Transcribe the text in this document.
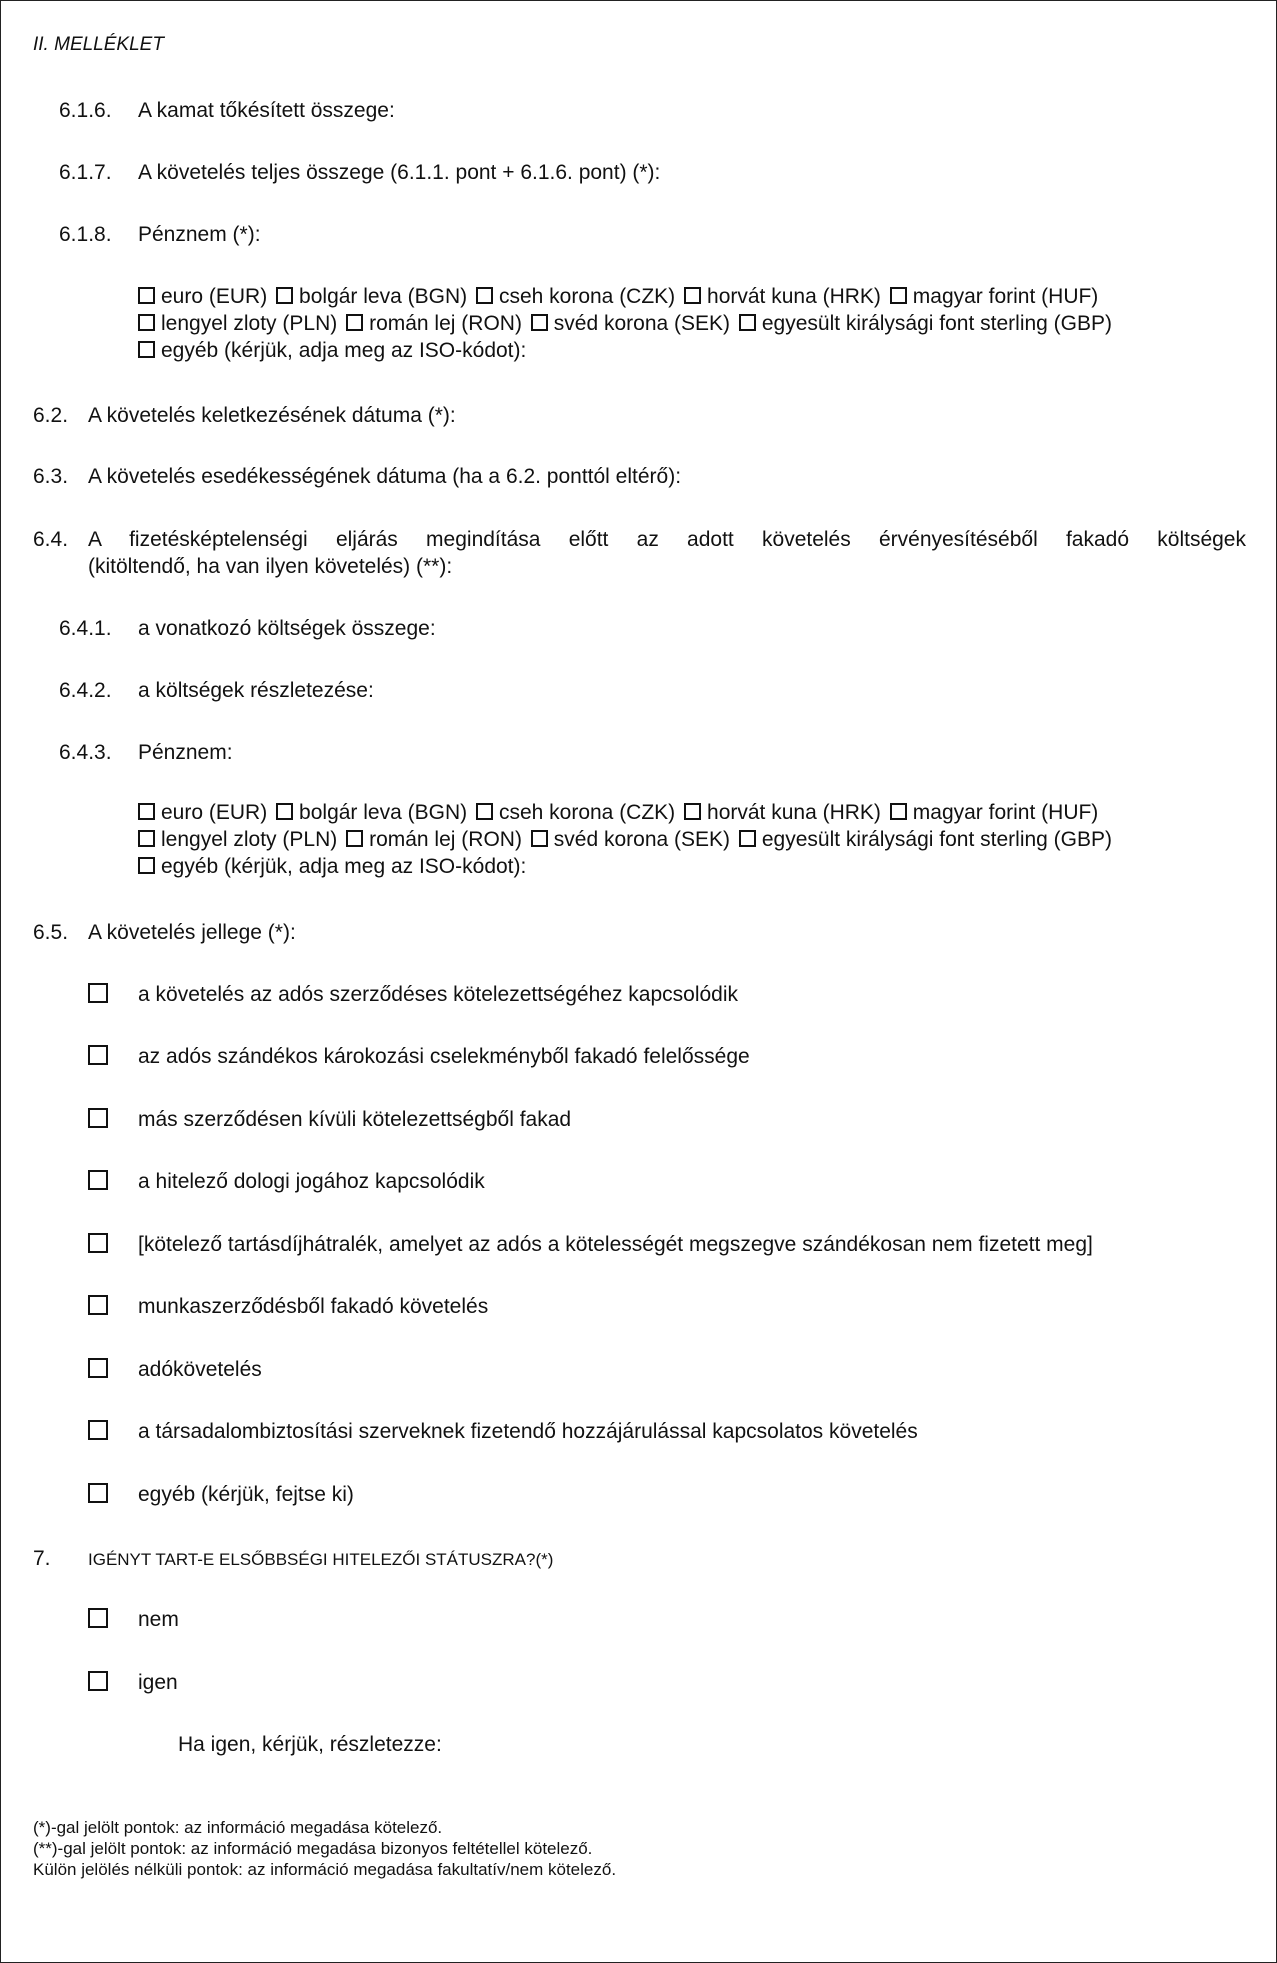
II. MELLÉKLET
6.1.6. A kamat tőkésített összege:
6.1.7. A követelés teljes összege (6.1.1. pont + 6.1.6. pont) (*):
6.1.8. Pénznem (*):
euro (EUR) bolgár leva (BGN) cseh korona (CZK) horvát kuna (HRK) magyar forint (HUF)
lengyel zloty (PLN) román lej (RON) svéd korona (SEK) egyesült királysági font sterling (GBP)
egyéb (kérjük, adja meg az ISO-kódot):
6.2. A követelés keletkezésének dátuma (*):
6.3. A követelés esedékességének dátuma (ha a 6.2. ponttól eltérő):
6.4. A fizetésképtelenségi eljárás megindítása előtt az adott követelés érvényesítéséből fakadó költségek
(kitöltendő, ha van ilyen követelés) (**):
6.4.1. a vonatkozó költségek összege:
6.4.2. a költségek részletezése:
6.4.3. Pénznem:
euro (EUR) bolgár leva (BGN) cseh korona (CZK) horvát kuna (HRK) magyar forint (HUF)
lengyel zloty (PLN) román lej (RON) svéd korona (SEK) egyesült királysági font sterling (GBP)
egyéb (kérjük, adja meg az ISO-kódot):
6.5. A követelés jellege (*):
a követelés az adós szerződéses kötelezettségéhez kapcsolódik
az adós szándékos károkozási cselekményből fakadó felelőssége
más szerződésen kívüli kötelezettségből fakad
a hitelező dologi jogához kapcsolódik
[kötelező tartásdíjhátralék, amelyet az adós a kötelességét megszegve szándékosan nem fizetett meg]
munkaszerződésből fakadó követelés
adókövetelés
a társadalombiztosítási szerveknek fizetendő hozzájárulással kapcsolatos követelés
egyéb (kérjük, fejtse ki)
7. IGÉNYT TART-E ELSŐBBSÉGI HITELEZŐI STÁTUSZRA?(*)
nem
igen
Ha igen, kérjük, részletezze:
(*)-gal jelölt pontok: az információ megadása kötelező.
(**)-gal jelölt pontok: az információ megadása bizonyos feltétellel kötelező.
Külön jelölés nélküli pontok: az információ megadása fakultatív/nem kötelező.
